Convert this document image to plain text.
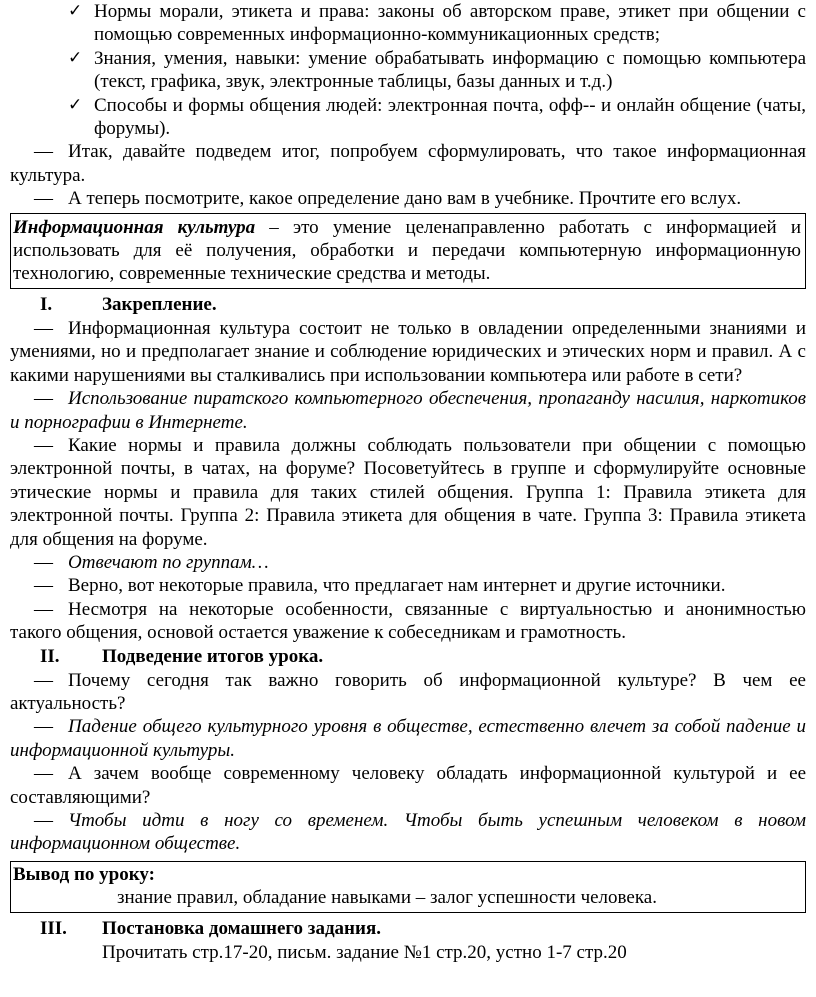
✓ Нормы морали, этикета и права: законы об авторском праве, этикет при общении с помощью современных информационно-коммуникационных средств;

✓ Знания, умения, навыки: умение обрабатывать информацию с помощью компьютера (текст, графика, звук, электронные таблицы, базы данных и т.д.)

✓ Способы и формы общения людей: электронная почта, офф-- и онлайн общение (чаты, форумы).

― Итак, давайте подведем итог, попробуем сформулировать, что такое информационная культура.

― А теперь посмотрите, какое определение дано вам в учебнике. Прочтите его вслух.

Информационная культура – это умение целенаправленно работать с информацией и использовать для её получения, обработки и передачи компьютерную информационную технологию, современные технические средства и методы.
I.	Закрепление.

― Информационная культура состоит не только в овладении определенными знаниями и умениями, но и предполагает знание и соблюдение юридических и этических норм и правил. А с какими нарушениями вы сталкивались при использовании компьютера или работе в сети?

― Использование пиратского компьютерного обеспечения, пропаганду насилия, наркотиков и порнографии в Интернете.

― Какие нормы и правила должны соблюдать пользователи при общении с помощью электронной почты, в чатах, на форуме? Посоветуйтесь в группе и сформулируйте основные этические нормы и правила для таких стилей общения. Группа 1: Правила этикета для электронной почты. Группа 2: Правила этикета для общения в чате. Группа 3: Правила этикета для общения на форуме.

― Отвечают по группам…

― Верно, вот некоторые правила, что предлагает нам интернет и другие источники.

― Несмотря на некоторые особенности, связанные с виртуальностью и анонимностью такого общения, основой остается уважение к собеседникам и грамотность.

II. Подведение итогов урока.

― Почему сегодня так важно говорить об информационной культуре? В чем ее актуальность?

― Падение общего культурного уровня в обществе, естественно влечет за собой падение и информационной культуры.

― А зачем вообще современному человеку обладать информационной культурой и ее составляющими?

― Чтобы идти в ногу со временем. Чтобы быть успешным человеком в новом информационном обществе.

Вывод по уроку:
знание правил, обладание навыками – залог успешности человека.
III. Постановка домашнего задания.

Прочитать стр.17-20, письм. задание №1 стр.20, устно 1-7 стр.20
